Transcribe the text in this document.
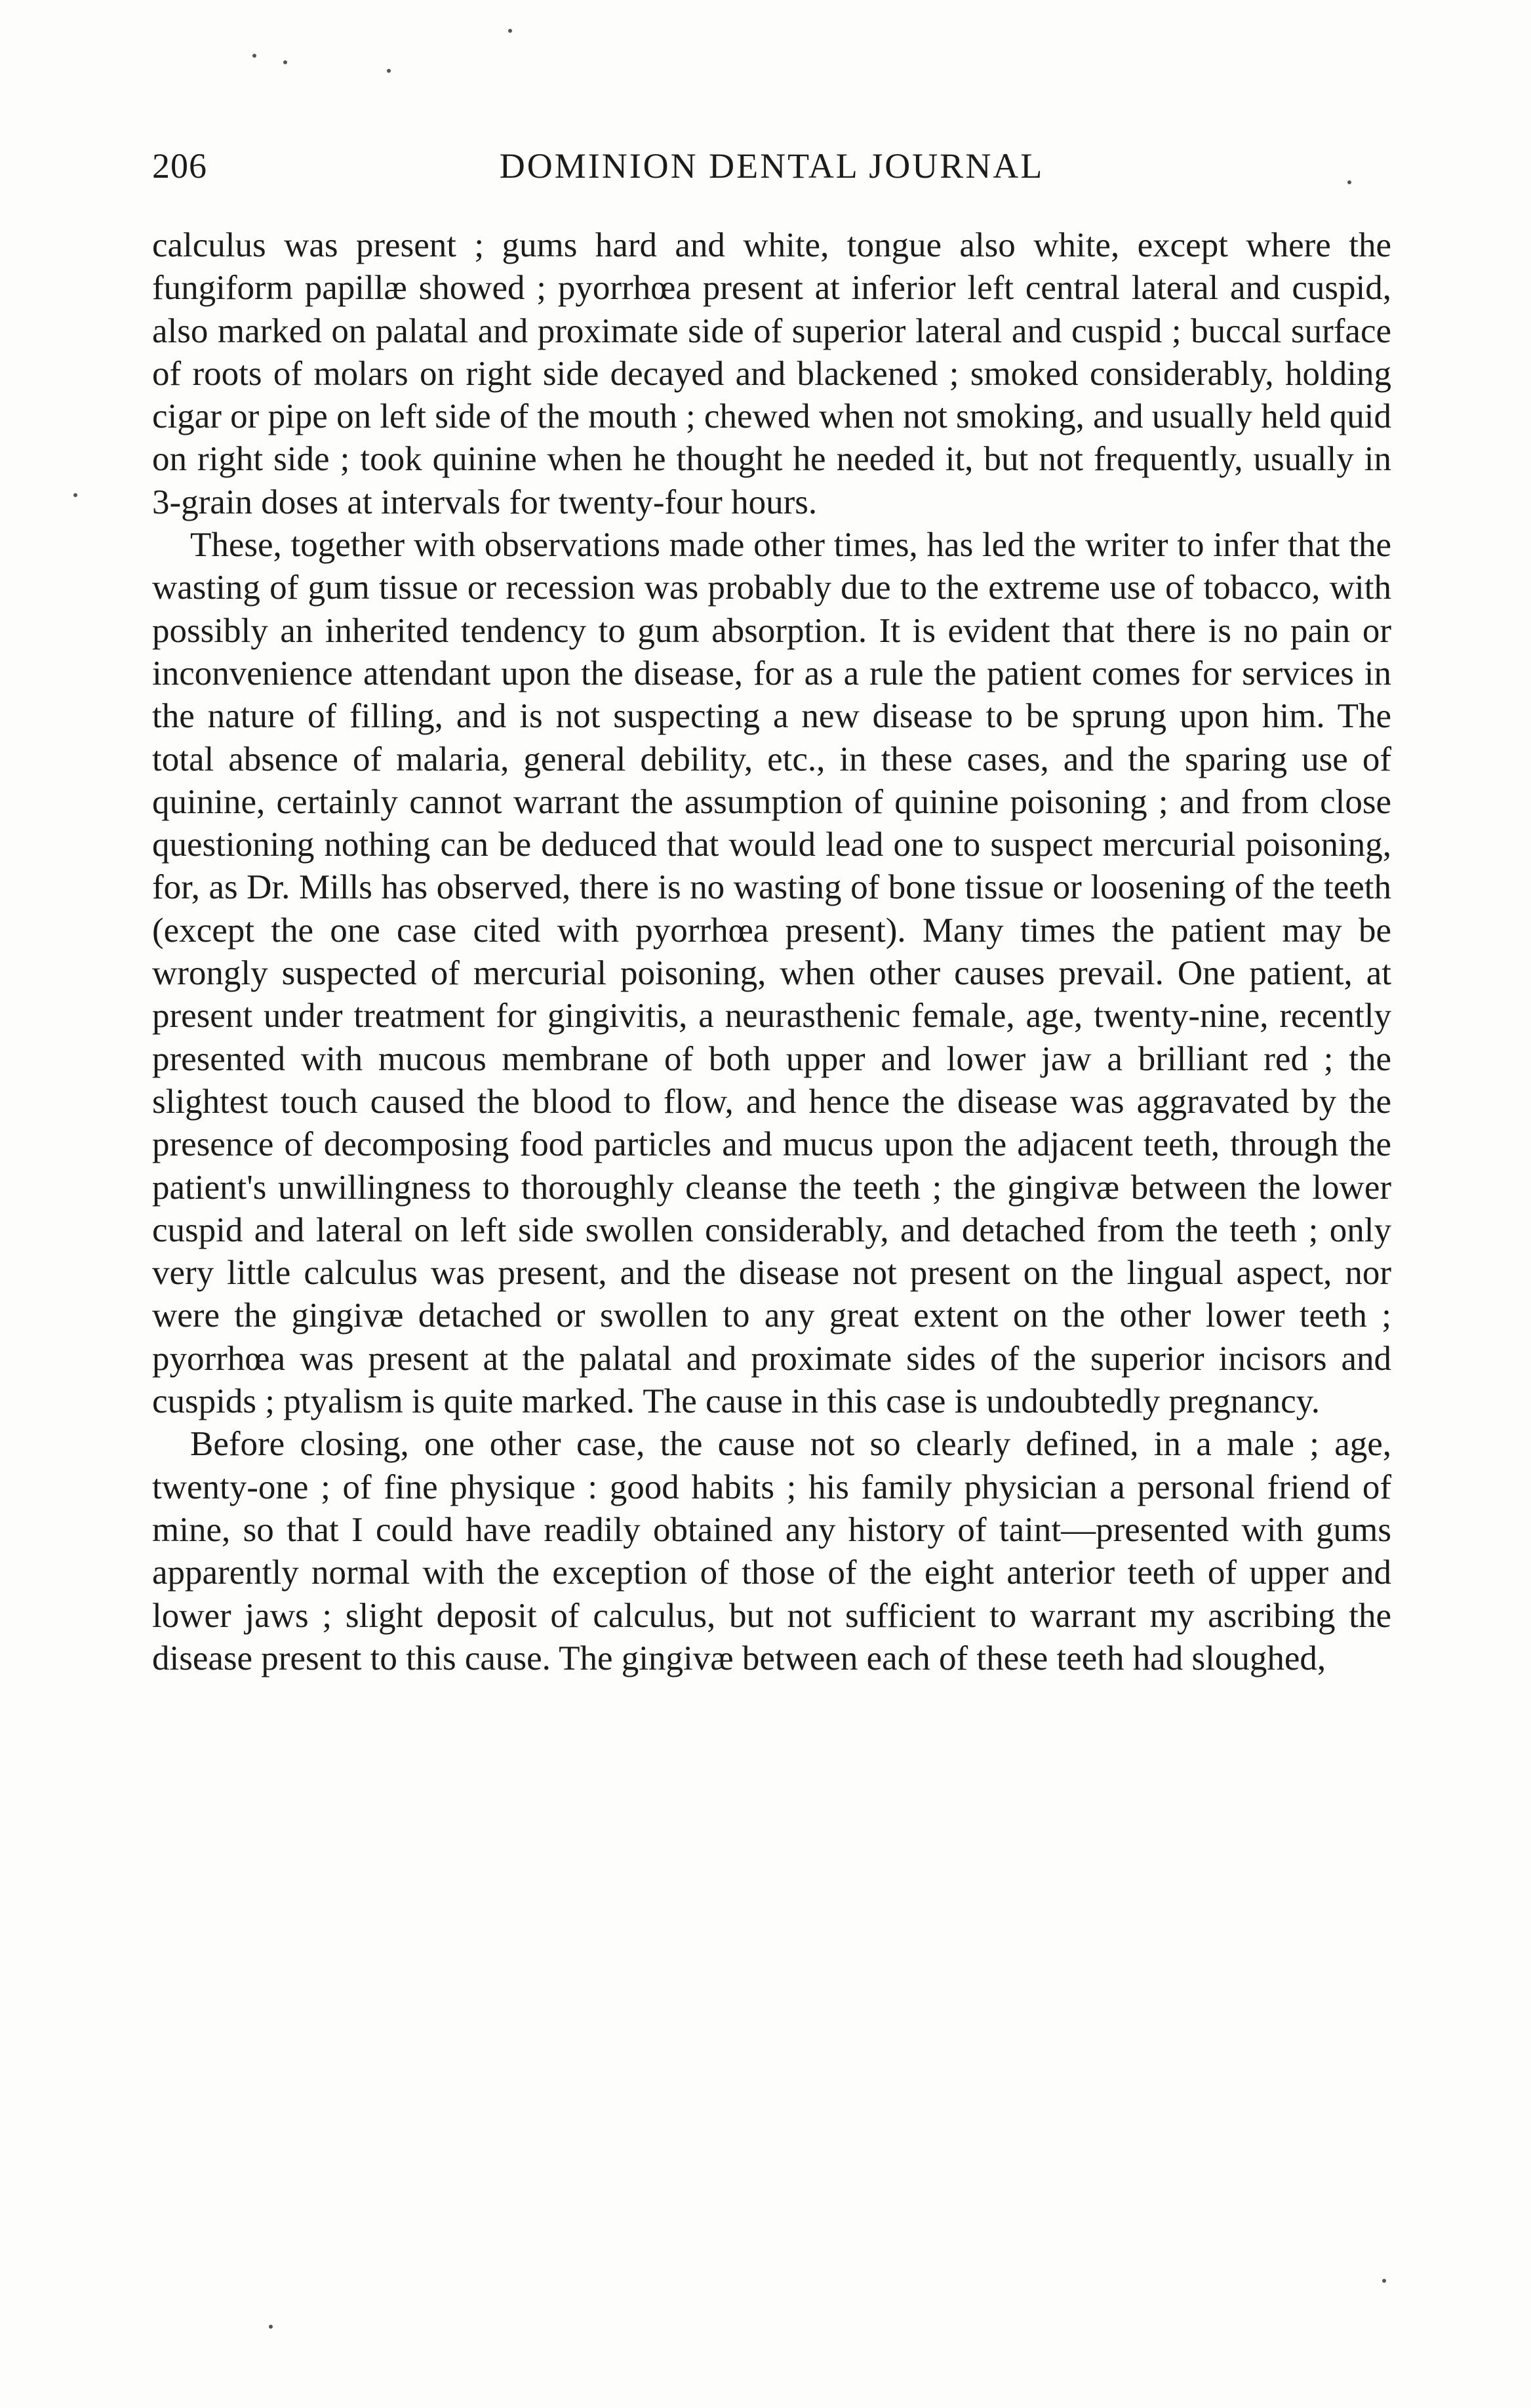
206	DOMINION DENTAL JOURNAL

calculus was present ; gums hard and white, tongue also white, except where the fungiform papillæ showed ; pyorrhœa present at inferior left central lateral and cuspid, also marked on palatal and proximate side of superior lateral and cuspid ; buccal surface of roots of molars on right side decayed and blackened ; smoked considerably, holding cigar or pipe on left side of the mouth ; chewed when not smoking, and usually held quid on right side ; took quinine when he thought he needed it, but not frequently, usually in 3-grain doses at intervals for twenty-four hours.

These, together with observations made other times, has led the writer to infer that the wasting of gum tissue or recession was probably due to the extreme use of tobacco, with possibly an inherited tendency to gum absorption. It is evident that there is no pain or inconvenience attendant upon the disease, for as a rule the patient comes for services in the nature of filling, and is not suspecting a new disease to be sprung upon him. The total absence of malaria, general debility, etc., in these cases, and the sparing use of quinine, certainly cannot warrant the assumption of quinine poisoning ; and from close questioning nothing can be deduced that would lead one to suspect mercurial poisoning, for, as Dr. Mills has observed, there is no wasting of bone tissue or loosening of the teeth (except the one case cited with pyorrhœa present). Many times the patient may be wrongly suspected of mercurial poisoning, when other causes prevail. One patient, at present under treatment for gingivitis, a neurasthenic female, age, twenty-nine, recently presented with mucous membrane of both upper and lower jaw a brilliant red ; the slightest touch caused the blood to flow, and hence the disease was aggravated by the presence of decomposing food particles and mucus upon the adjacent teeth, through the patient's unwillingness to thoroughly cleanse the teeth ; the gingivæ between the lower cuspid and lateral on left side swollen considerably, and detached from the teeth ; only very little calculus was present, and the disease not present on the lingual aspect, nor were the gingivæ detached or swollen to any great extent on the other lower teeth ; pyorrhœa was present at the palatal and proximate sides of the superior incisors and cuspids ; ptyalism is quite marked. The cause in this case is undoubtedly pregnancy.

Before closing, one other case, the cause not so clearly defined, in a male ; age, twenty-one ; of fine physique : good habits ; his family physician a personal friend of mine, so that I could have readily obtained any history of taint—presented with gums apparently normal with the exception of those of the eight anterior teeth of upper and lower jaws ; slight deposit of calculus, but not sufficient to warrant my ascribing the disease present to this cause. The gingivæ between each of these teeth had sloughed,
